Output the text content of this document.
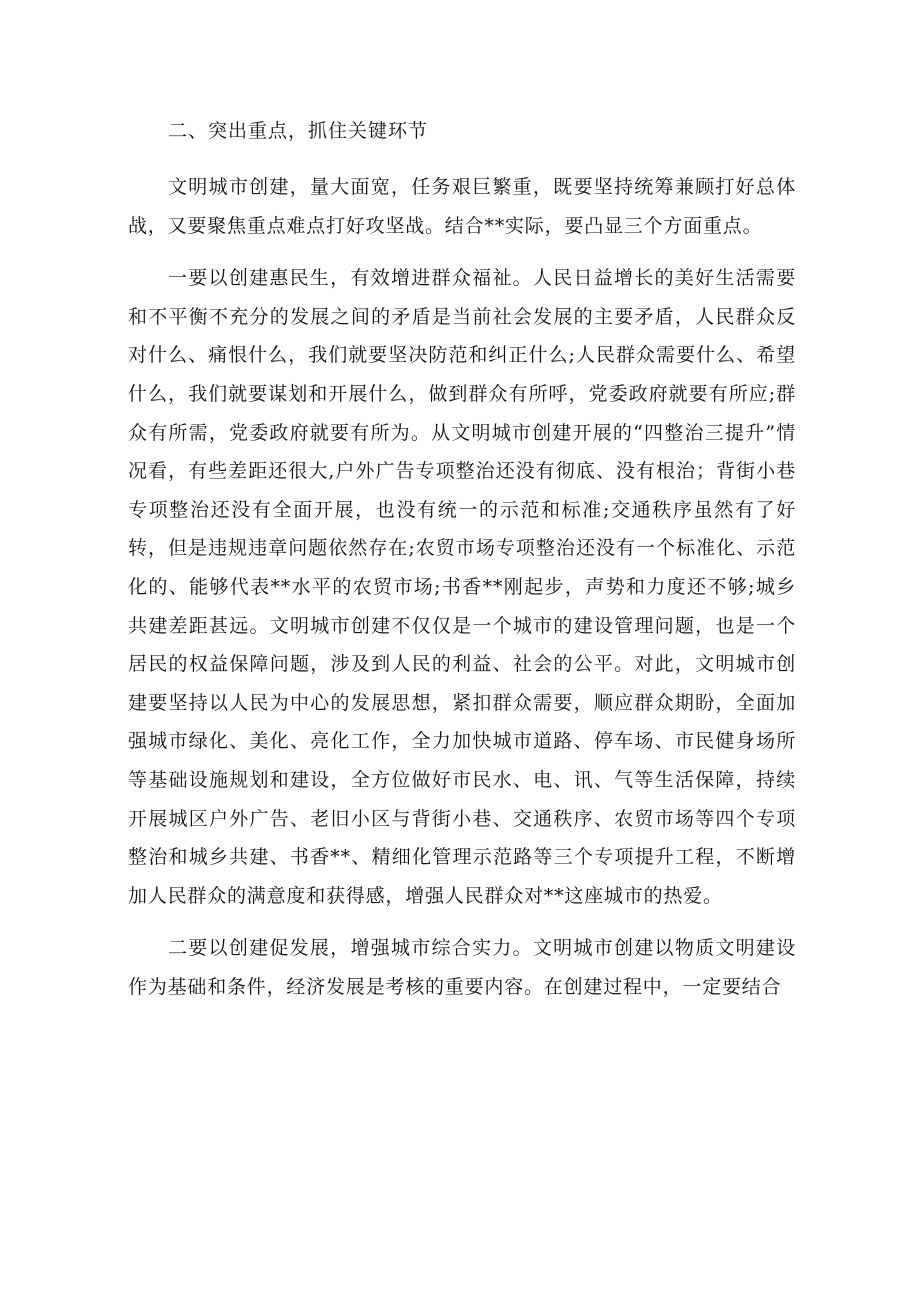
二、突出重点，抓住关键环节

文明城市创建，量大面宽，任务艰巨繁重，既要坚持统筹兼顾打好总体战，又要聚焦重点难点打好攻坚战。结合**实际，要凸显三个方面重点。

一要以创建惠民生，有效增进群众福祉。人民日益增长的美好生活需要和不平衡不充分的发展之间的矛盾是当前社会发展的主要矛盾，人民群众反对什么、痛恨什么，我们就要坚决防范和纠正什么;人民群众需要什么、希望什么，我们就要谋划和开展什么，做到群众有所呼，党委政府就要有所应;群众有所需，党委政府就要有所为。从文明城市创建开展的“四整治三提升”情况看，有些差距还很大,户外广告专项整治还没有彻底、没有根治；背街小巷专项整治还没有全面开展，也没有统一的示范和标准;交通秩序虽然有了好转，但是违规违章问题依然存在;农贸市场专项整治还没有一个标准化、示范化的、能够代表**水平的农贸市场;书香**刚起步，声势和力度还不够;城乡共建差距甚远。文明城市创建不仅仅是一个城市的建设管理问题，也是一个居民的权益保障问题，涉及到人民的利益、社会的公平。对此，文明城市创建要坚持以人民为中心的发展思想，紧扣群众需要，顺应群众期盼，全面加强城市绿化、美化、亮化工作，全力加快城市道路、停车场、市民健身场所等基础设施规划和建设，全方位做好市民水、电、讯、气等生活保障，持续开展城区户外广告、老旧小区与背街小巷、交通秩序、农贸市场等四个专项整治和城乡共建、书香**、精细化管理示范路等三个专项提升工程，不断增加人民群众的满意度和获得感，增强人民群众对**这座城市的热爱。

二要以创建促发展，增强城市综合实力。文明城市创建以物质文明建设作为基础和条件，经济发展是考核的重要内容。在创建过程中，一定要结合
